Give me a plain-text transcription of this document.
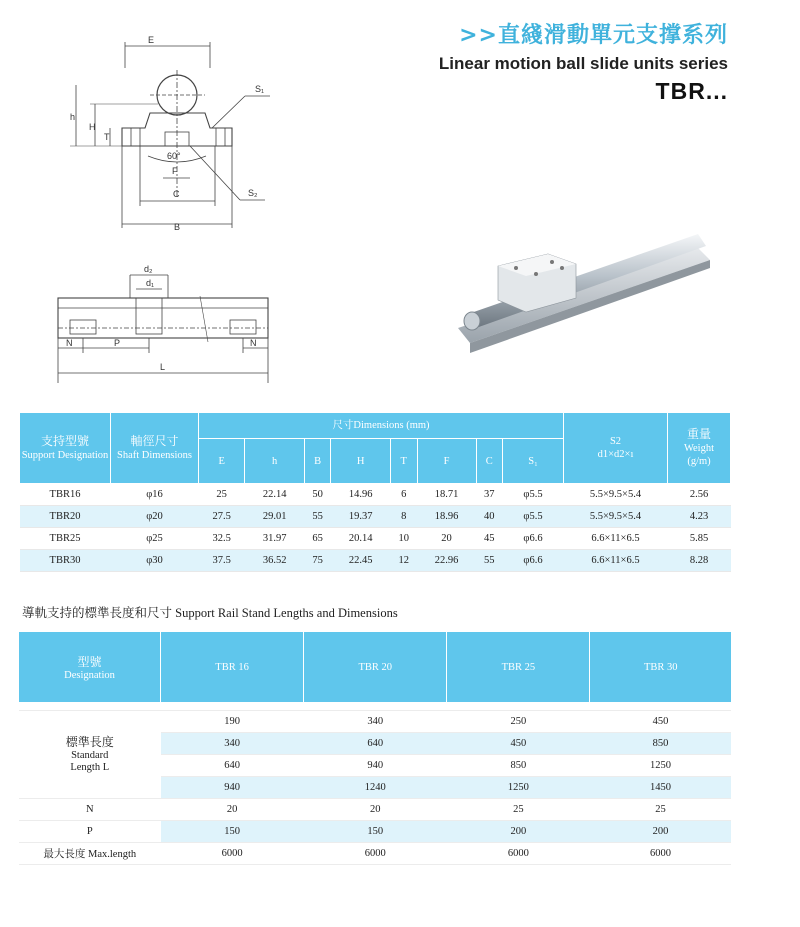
>>直綫滑動單元支撑系列
Linear motion ball slide units series
TBR...
E
60°
h
H
T
S₁
F
C
B
S₂
d₂
d₁
N	P	N
L
支持型號
Support Designation	軸徑尺寸
Shaft Dimensions	尺寸Dimensions (mm)								S2
d1×d2×ı	重量
Weight
(g/m)
		E	h	B	H	T	F	C	S₁		
TBR16	φ16	25	22.14	50	14.96	6	18.71	37	φ5.5	5.5×9.5×5.4	2.56
TBR20	φ20	27.5	29.01	55	19.37	8	18.96	40	φ5.5	5.5×9.5×5.4	4.23
TBR25	φ25	32.5	31.97	65	20.14	10	20	45	φ6.6	6.6×11×6.5	5.85
TBR30	φ30	37.5	36.52	75	22.45	12	22.96	55	φ6.6	6.6×11×6.5	8.28
導軌支持的標準長度和尺寸 Support Rail Stand Lengths and Dimensions
型號
Designation	TBR 16	TBR 20	TBR 25	TBR 30

標準長度
Standard
Length L	190	340	250	450
	340	640	450	850
	640	940	850	1250
	940	1240	1250	1450
N	20	20	25	25
P	150	150	200	200
最大長度 Max.length	6000	6000	6000	6000
